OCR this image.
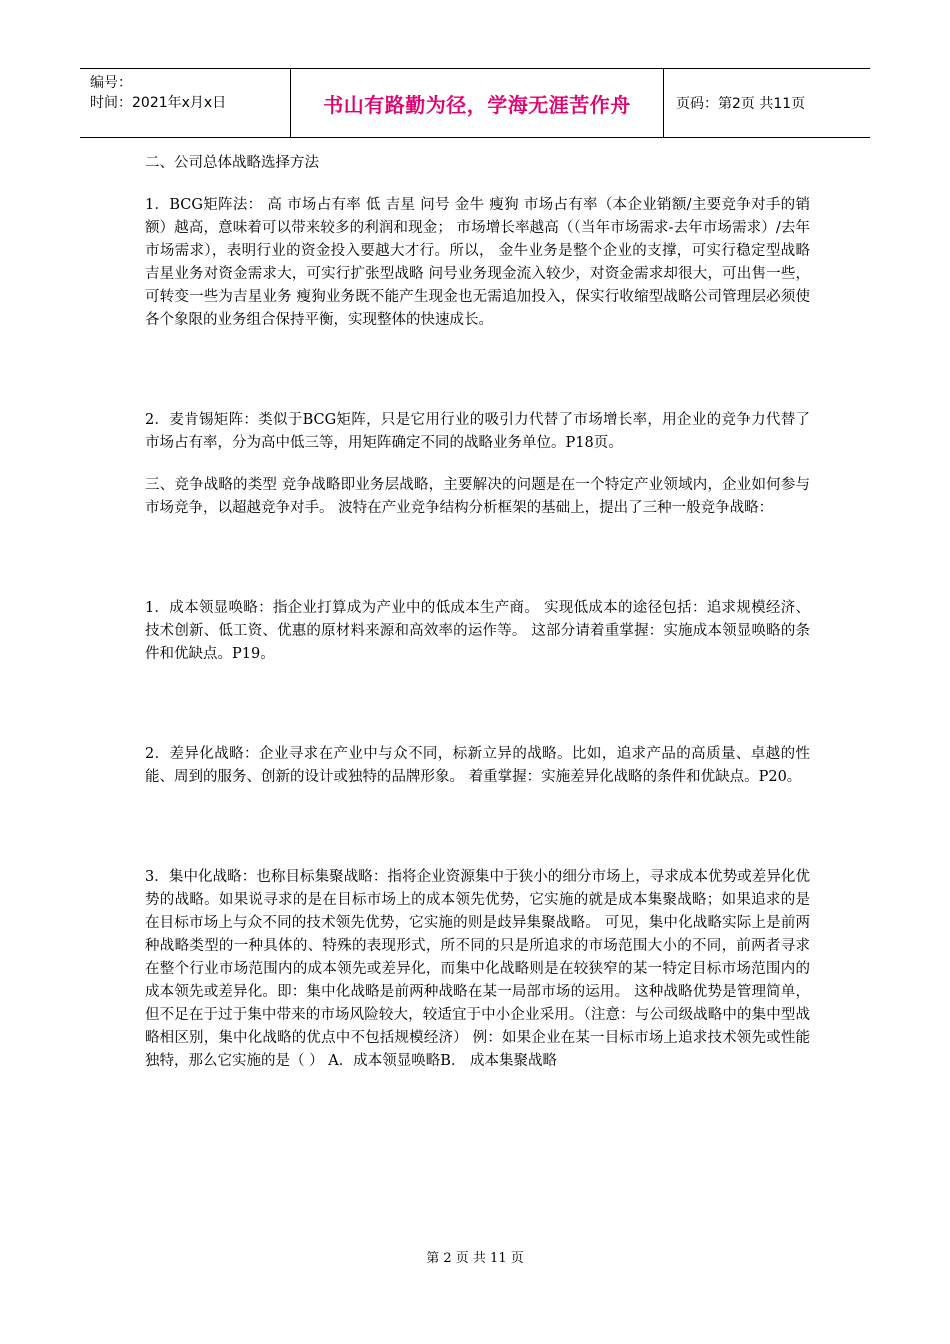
编号：
时间：2021年x月x日	书山有路勤为径，学海无涯苦作舟	页码：第2页 共11页

二、公司总体战略选择方法

1．BCG矩阵法： 高 市场占有率 低 吉星 问号 金牛 瘦狗 市场占有率（本企业销额/主要竞争对手的销额）越高，意味着可以带来较多的利润和现金； 市场增长率越高（（当年市场需求-去年市场需求）/去年市场需求），表明行业的资金投入要越大才行。所以， 金牛业务是整个企业的支撑，可实行稳定型战略 吉星业务对资金需求大，可实行扩张型战略 问号业务现金流入较少，对资金需求却很大，可出售一些，可转变一些为吉星业务 瘦狗业务既不能产生现金也无需追加投入，保实行收缩型战略公司管理层必须使各个象限的业务组合保持平衡，实现整体的快速成长。

2．麦肯锡矩阵：类似于BCG矩阵，只是它用行业的吸引力代替了市场增长率，用企业的竞争力代替了市场占有率，分为高中低三等，用矩阵确定不同的战略业务单位。P18页。

三、竞争战略的类型 竞争战略即业务层战略，主要解决的问题是在一个特定产业领域内，企业如何参与市场竞争，以超越竞争对手。 波特在产业竞争结构分析框架的基础上，提出了三种一般竞争战略：

1．成本领显唤略：指企业打算成为产业中的低成本生产商。 实现低成本的途径包括：追求规模经济、技术创新、低工资、优惠的原材料来源和高效率的运作等。 这部分请着重掌握：实施成本领显唤略的条件和优缺点。P19。

2．差异化战略：企业寻求在产业中与众不同，标新立异的战略。比如，追求产品的高质量、卓越的性能、周到的服务、创新的设计或独特的品牌形象。 着重掌握：实施差异化战略的条件和优缺点。P20。

3．集中化战略：也称目标集聚战略：指将企业资源集中于狭小的细分市场上，寻求成本优势或差异化优势的战略。如果说寻求的是在目标市场上的成本领先优势，它实施的就是成本集聚战略；如果追求的是在目标市场上与众不同的技术领先优势，它实施的则是歧异集聚战略。 可见，集中化战略实际上是前两种战略类型的一种具体的、特殊的表现形式，所不同的只是所追求的市场范围大小的不同，前两者寻求在整个行业市场范围内的成本领先或差异化，而集中化战略则是在较狭窄的某一特定目标市场范围内的成本领先或差异化。即：集中化战略是前两种战略在某一局部市场的运用。 这种战略优势是管理简单，但不足在于过于集中带来的市场风险较大，较适宜于中小企业采用。（注意：与公司级战略中的集中型战略相区别，集中化战略的优点中不包括规模经济） 例：如果企业在某一目标市场上追求技术领先或性能独特，那么它实施的是（ ） A．成本领显唤略B． 成本集聚战略

第 2 页 共 11 页
